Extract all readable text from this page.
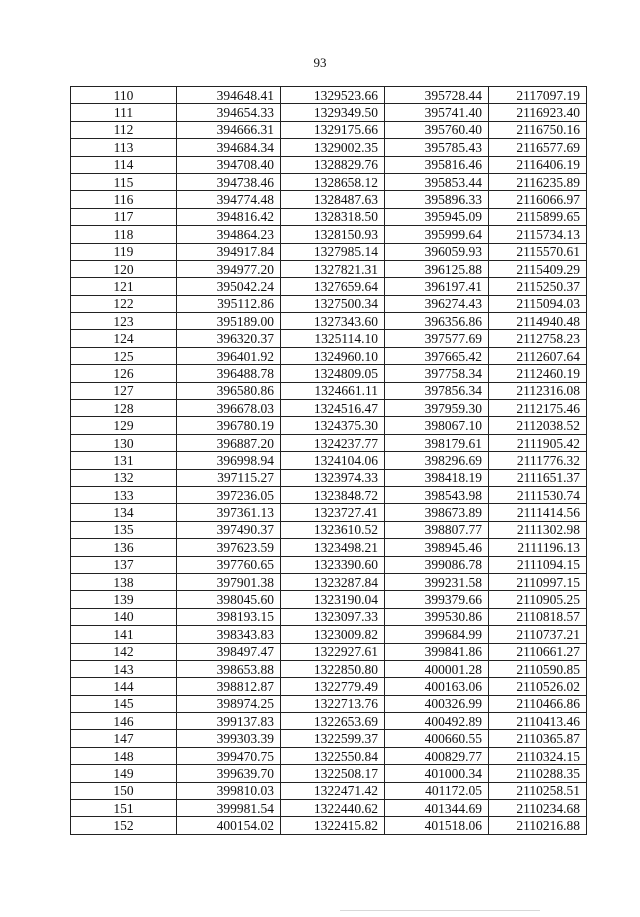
93
110	394648.41	1329523.66	395728.44	2117097.19
111	394654.33	1329349.50	395741.40	2116923.40
112	394666.31	1329175.66	395760.40	2116750.16
113	394684.34	1329002.35	395785.43	2116577.69
114	394708.40	1328829.76	395816.46	2116406.19
115	394738.46	1328658.12	395853.44	2116235.89
116	394774.48	1328487.63	395896.33	2116066.97
117	394816.42	1328318.50	395945.09	2115899.65
118	394864.23	1328150.93	395999.64	2115734.13
119	394917.84	1327985.14	396059.93	2115570.61
120	394977.20	1327821.31	396125.88	2115409.29
121	395042.24	1327659.64	396197.41	2115250.37
122	395112.86	1327500.34	396274.43	2115094.03
123	395189.00	1327343.60	396356.86	2114940.48
124	396320.37	1325114.10	397577.69	2112758.23
125	396401.92	1324960.10	397665.42	2112607.64
126	396488.78	1324809.05	397758.34	2112460.19
127	396580.86	1324661.11	397856.34	2112316.08
128	396678.03	1324516.47	397959.30	2112175.46
129	396780.19	1324375.30	398067.10	2112038.52
130	396887.20	1324237.77	398179.61	2111905.42
131	396998.94	1324104.06	398296.69	2111776.32
132	397115.27	1323974.33	398418.19	2111651.37
133	397236.05	1323848.72	398543.98	2111530.74
134	397361.13	1323727.41	398673.89	2111414.56
135	397490.37	1323610.52	398807.77	2111302.98
136	397623.59	1323498.21	398945.46	2111196.13
137	397760.65	1323390.60	399086.78	2111094.15
138	397901.38	1323287.84	399231.58	2110997.15
139	398045.60	1323190.04	399379.66	2110905.25
140	398193.15	1323097.33	399530.86	2110818.57
141	398343.83	1323009.82	399684.99	2110737.21
142	398497.47	1322927.61	399841.86	2110661.27
143	398653.88	1322850.80	400001.28	2110590.85
144	398812.87	1322779.49	400163.06	2110526.02
145	398974.25	1322713.76	400326.99	2110466.86
146	399137.83	1322653.69	400492.89	2110413.46
147	399303.39	1322599.37	400660.55	2110365.87
148	399470.75	1322550.84	400829.77	2110324.15
149	399639.70	1322508.17	401000.34	2110288.35
150	399810.03	1322471.42	401172.05	2110258.51
151	399981.54	1322440.62	401344.69	2110234.68
152	400154.02	1322415.82	401518.06	2110216.88
